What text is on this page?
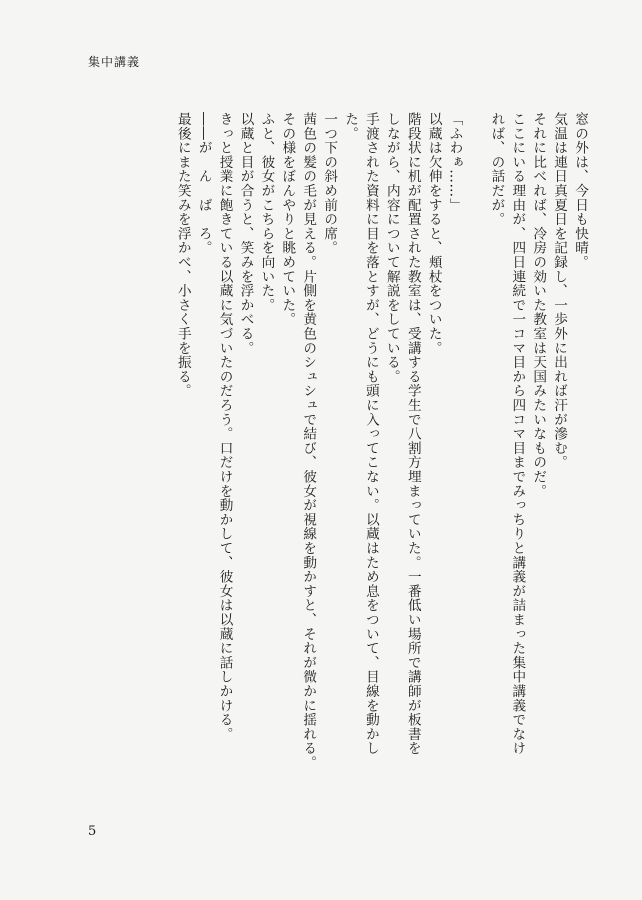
集中講義
窓の外は、今日も快晴。
気温は連日真夏日を記録し、一歩外に出れば汗が滲む。
それに比べれば、冷房の効いた教室は天国みたいなものだ。
ここにいる理由が、四日連続で一コマ目から四コマ目までみっちりと講義が詰まった集中講義でなけ
れば、の話だが。
「ふわぁ……」
以蔵は欠伸をすると、頬杖をついた。
階段状に机が配置された教室は、受講する学生で八割方埋まっていた。一番低い場所で講師が板書を
しながら、内容について解説をしている。
手渡された資料に目を落とすが、どうにも頭に入ってこない。以蔵はため息をついて、目線を動かし
た。
一つ下の斜め前の席。
茜色の髪の毛が見える。片側を黄色のシュシュで結び、彼女が視線を動かすと、それが微かに揺れる。
その様をぼんやりと眺めていた。
ふと、彼女がこちらを向いた。
以蔵と目が合うと、笑みを浮かべる。
きっと授業に飽きている以蔵に気づいたのだろう。口だけを動かして、彼女は以蔵に話しかける。
――が　ん　ば　ろ。
最後にまた笑みを浮かべ、小さく手を振る。
5
